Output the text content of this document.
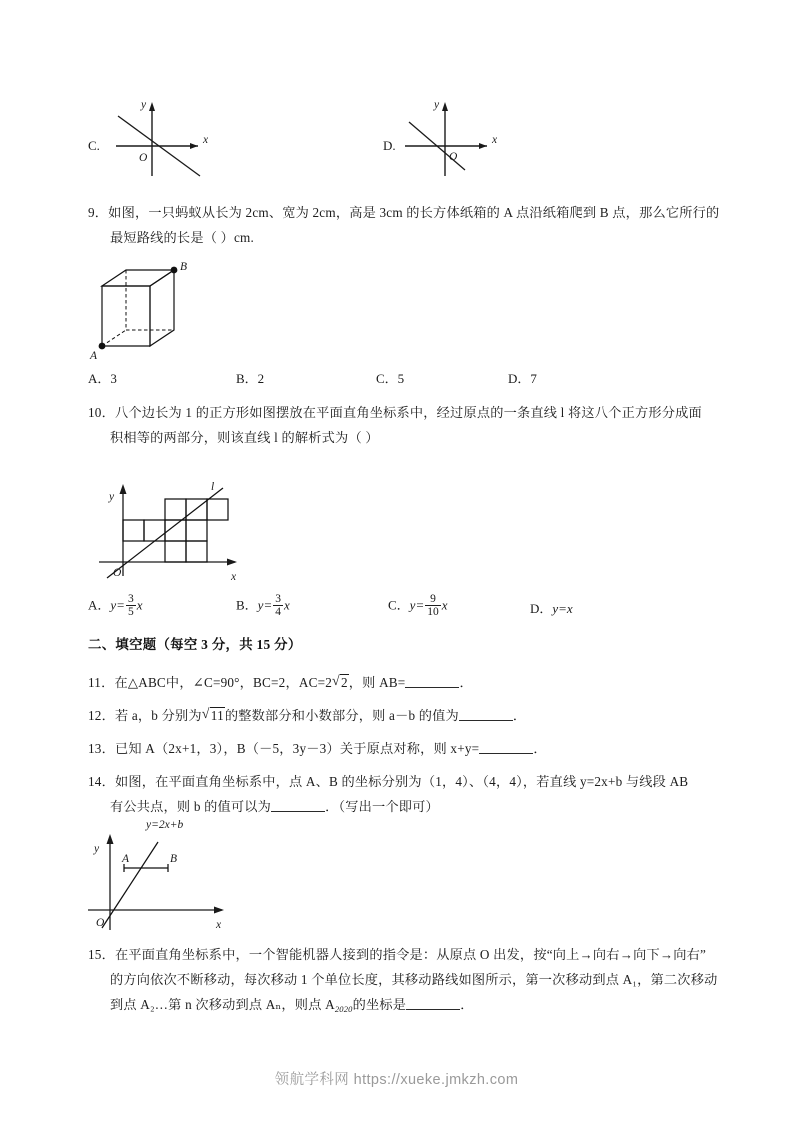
C.
y
x
O
D.
y
x
O
9．如图，一只蚂蚁从长为 2cm、宽为 2cm，高是 3cm 的长方体纸箱的 A 点沿纸箱爬到 B 点，那么它所行的
最短路线的长是（ ）cm.
B
A
A．3	B．2	C．5	D．7
10．八个边长为 1 的正方形如图摆放在平面直角坐标系中，经过原点的一条直线 l 将这八个正方形分成面
积相等的两部分，则该直线 l 的解析式为（ ）
y
x
O
l
A．$y= \frac{3}{5}$ x	B．$y= \frac{3}{4}$ x	C．$y= \frac{9}{10}$ x	D．y=x
二、填空题（每空 3 分，共 15 分）
11．在△ABC中，∠C=90°，BC=2，AC=2 √ 2，则 AB=	．
12．若 a，b 分别为 √ 11的整数部分和小数部分，则 a－b 的值为	．
13．已知 A（2x+1，3），B（－5，3y－3）关于原点对称，则 x+y=	．
14．如图，在平面直角坐标系中，点 A、B 的坐标分别为（1，4）、（4，4），若直线 y=2x+b 与线段 AB
有公共点，则 b 的值可以为	．（写出一个即可）
A	B
y=2x+b
y
x
O
15．在平面直角坐标系中，一个智能机器人接到的指令是：从原点 O 出发，按“向上→向右→向下→向右”
的方向依次不断移动，每次移动 1 个单位长度，其移动路线如图所示，第一次移动到点 A₁，第二次移动
到点 A₂…第 n 次移动到点 Aₙ，则点 $A_{2020}$的坐标是	．
领航学科网 https://xueke.jmkzh.com
